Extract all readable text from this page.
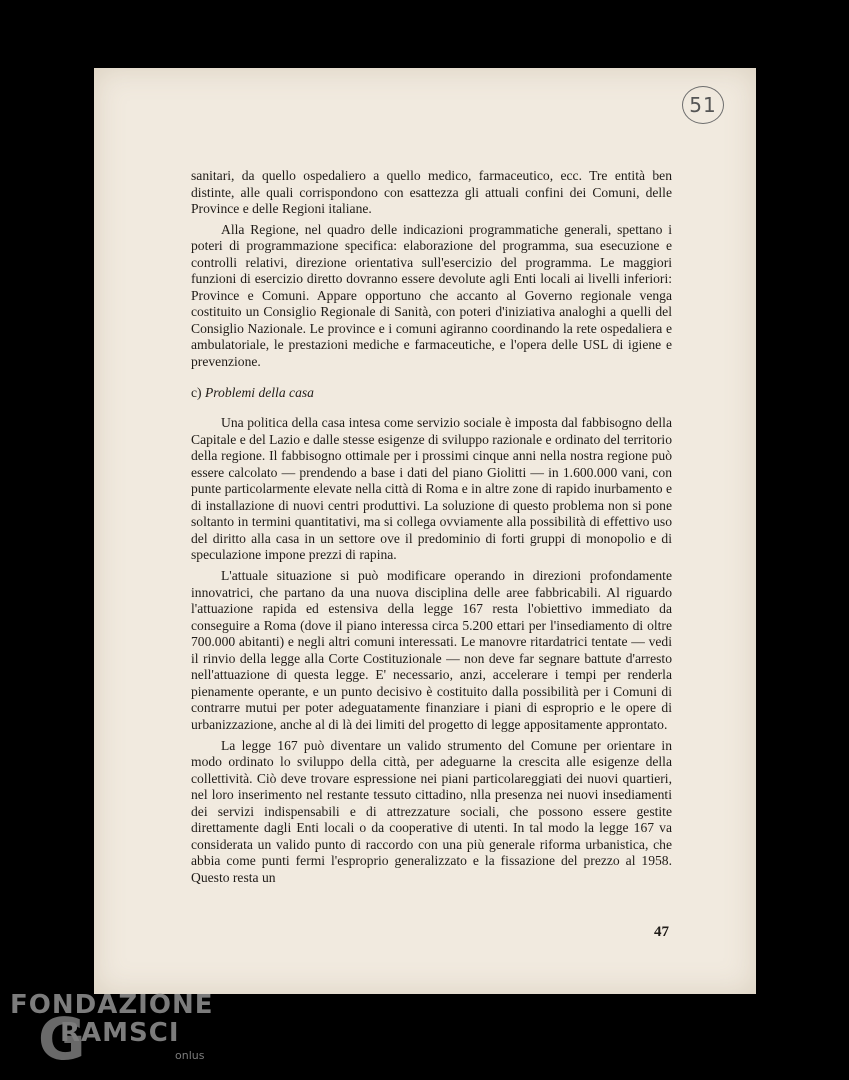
51

sanitari, da quello ospedaliero a quello medico, farmaceutico, ecc. Tre entità ben distinte, alle quali corrispondono con esattezza gli attuali confini dei Comuni, delle Province e delle Regioni italiane.

Alla Regione, nel quadro delle indicazioni programmatiche generali, spettano i poteri di programmazione specifica: elaborazione del programma, sua esecuzione e controlli relativi, direzione orientativa sull'esercizio del programma. Le maggiori funzioni di esercizio diretto dovranno essere devolute agli Enti locali ai livelli inferiori: Province e Comuni. Appare opportuno che accanto al Governo regionale venga costituito un Consiglio Regionale di Sanità, con poteri d'iniziativa analoghi a quelli del Consiglio Nazionale. Le province e i comuni agiranno coordinando la rete ospedaliera e ambulatoriale, le prestazioni mediche e farmaceutiche, e l'opera delle USL di igiene e prevenzione.

c) Problemi della casa

Una politica della casa intesa come servizio sociale è imposta dal fabbisogno della Capitale e del Lazio e dalle stesse esigenze di sviluppo razionale e ordinato del territorio della regione. Il fabbisogno ottimale per i prossimi cinque anni nella nostra regione può essere calcolato — prendendo a base i dati del piano Giolitti — in 1.600.000 vani, con punte particolarmente elevate nella città di Roma e in altre zone di rapido inurbamento e di installazione di nuovi centri produttivi. La soluzione di questo problema non si pone soltanto in termini quantitativi, ma si collega ovviamente alla possibilità di effettivo uso del diritto alla casa in un settore ove il predominio di forti gruppi di monopolio e di speculazione impone prezzi di rapina.

L'attuale situazione si può modificare operando in direzioni profondamente innovatrici, che partano da una nuova disciplina delle aree fabbricabili. Al riguardo l'attuazione rapida ed estensiva della legge 167 resta l'obiettivo immediato da conseguire a Roma (dove il piano interessa circa 5.200 ettari per l'insediamento di oltre 700.000 abitanti) e negli altri comuni interessati. Le manovre ritardatrici tentate — vedi il rinvio della legge alla Corte Costituzionale — non deve far segnare battute d'arresto nell'attuazione di questa legge. E' necessario, anzi, accelerare i tempi per renderla pienamente operante, e un punto decisivo è costituito dalla possibilità per i Comuni di contrarre mutui per poter adeguatamente finanziare i piani di esproprio e le opere di urbanizzazione, anche al di là dei limiti del progetto di legge appositamente approntato.

La legge 167 può diventare un valido strumento del Comune per orientare in modo ordinato lo sviluppo della città, per adeguarne la crescita alle esigenze della collettività. Ciò deve trovare espressione nei piani particolareggiati dei nuovi quartieri, nel loro inserimento nel restante tessuto cittadino, nlla presenza nei nuovi insediamenti dei servizi indispensabili e di attrezzature sociali, che possono essere gestite direttamente dagli Enti locali o da cooperative di utenti. In tal modo la legge 167 va considerata un valido punto di raccordo con una più generale riforma urbanistica, che abbia come punti fermi l'esproprio generalizzato e la fissazione del prezzo al 1958. Questo resta un

47
FONDAZIONE
G
RAMSCI
onlus
